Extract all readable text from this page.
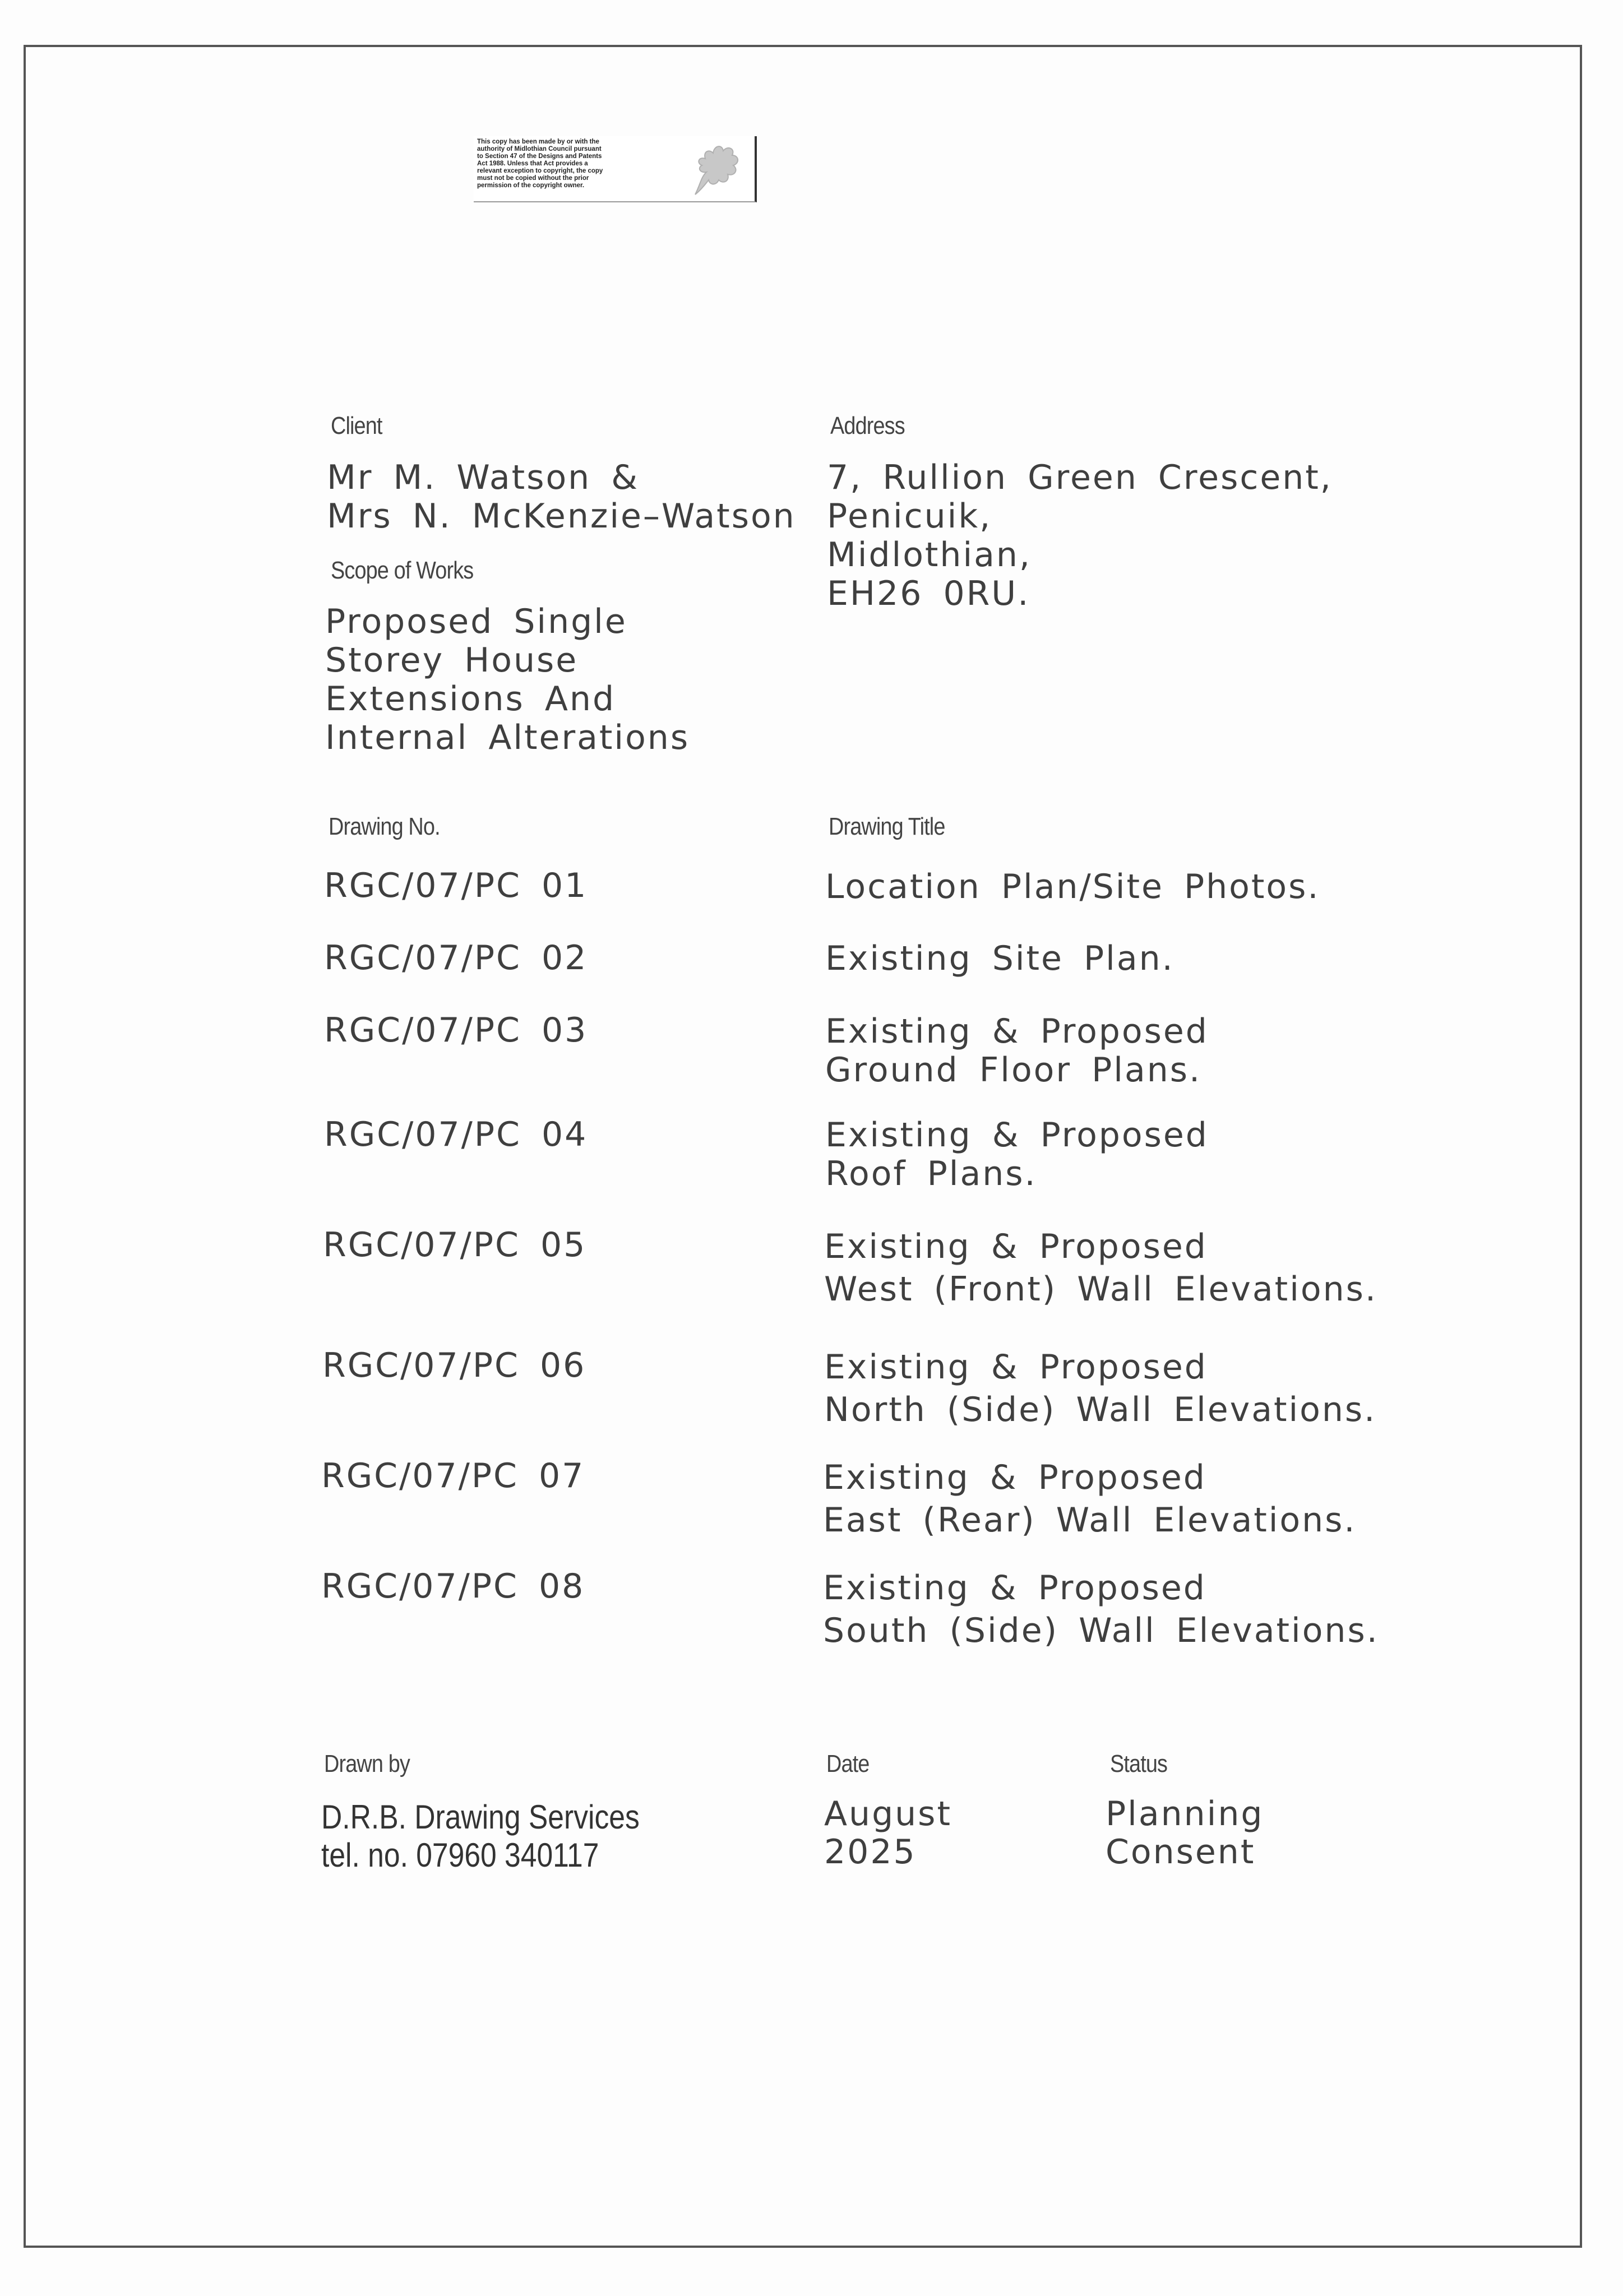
This copy has been made by or with the
authority of Midlothian Council pursuant
to Section 47 of the Designs and Patents
Act 1988. Unless that Act provides a
relevant exception to copyright, the copy
must not be copied without the prior
permission of the copyright owner.
Client
Mr M. Watson &
Mrs N. McKenzie–Watson
Address
7, Rullion Green Crescent,
Penicuik,
Midlothian,
EH26 0RU.
Scope of Works
Proposed Single
Storey House
Extensions And
Internal Alterations
Drawing No.	Drawing Title
RGC/07/PC 01	Location Plan/Site Photos.
RGC/07/PC 02	Existing Site Plan.
RGC/07/PC 03	Existing & Proposed
Ground Floor Plans.
RGC/07/PC 04	Existing & Proposed
Roof Plans.
RGC/07/PC 05	Existing & Proposed
West (Front) Wall Elevations.
RGC/07/PC 06	Existing & Proposed
North (Side) Wall Elevations.
RGC/07/PC 07	Existing & Proposed
East (Rear) Wall Elevations.
RGC/07/PC 08	Existing & Proposed
South (Side) Wall Elevations.
Drawn by
D.R.B. Drawing Services
tel. no. 07960 340117
Date
August
2025
Status
Planning
Consent
